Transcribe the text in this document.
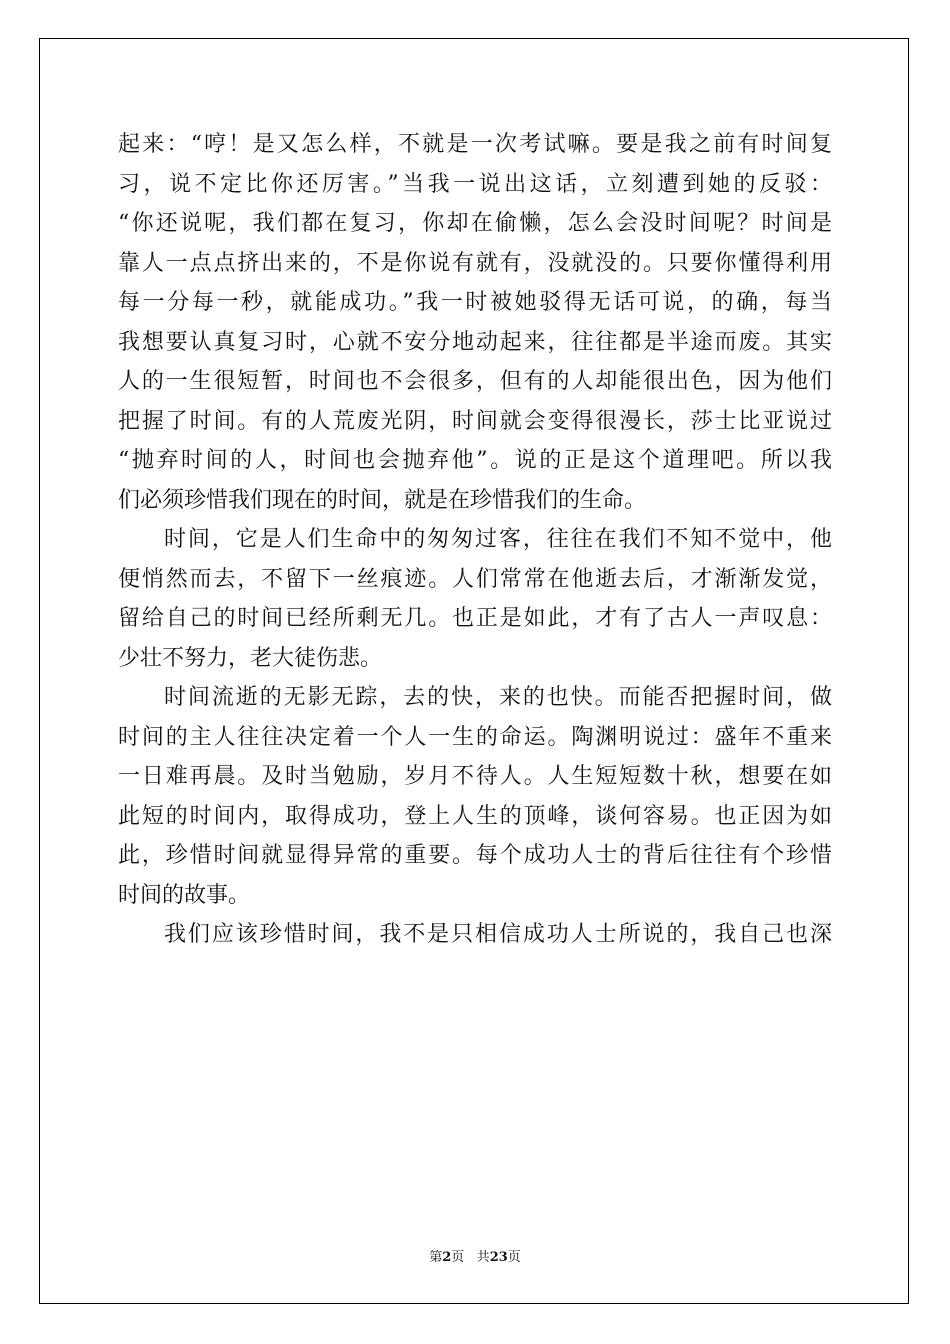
起来：“哼！是又怎么样，不就是一次考试嘛。要是我之前有时间复
习，说不定比你还厉害。”当我一说出这话，立刻遭到她的反驳：
“你还说呢，我们都在复习，你却在偷懒，怎么会没时间呢？时间是
靠人一点点挤出来的，不是你说有就有，没就没的。只要你懂得利用
每一分每一秒，就能成功。”我一时被她驳得无话可说，的确，每当
我想要认真复习时，心就不安分地动起来，往往都是半途而废。其实
人的一生很短暂，时间也不会很多，但有的人却能很出色，因为他们
把握了时间。有的人荒废光阴，时间就会变得很漫长，莎士比亚说过
“抛弃时间的人，时间也会抛弃他”。说的正是这个道理吧。所以我
们必须珍惜我们现在的时间，就是在珍惜我们的生命。
时间，它是人们生命中的匆匆过客，往往在我们不知不觉中，他
便悄然而去，不留下一丝痕迹。人们常常在他逝去后，才渐渐发觉，
留给自己的时间已经所剩无几。也正是如此，才有了古人一声叹息：
少壮不努力，老大徒伤悲。
时间流逝的无影无踪，去的快，来的也快。而能否把握时间，做
时间的主人往往决定着一个人一生的命运。陶渊明说过：盛年不重来
一日难再晨。及时当勉励，岁月不待人。人生短短数十秋，想要在如
此短的时间内，取得成功，登上人生的顶峰，谈何容易。也正因为如
此，珍惜时间就显得异常的重要。每个成功人士的背后往往有个珍惜
时间的故事。
我们应该珍惜时间，我不是只相信成功人士所说的，我自己也深
第2页 共23页
